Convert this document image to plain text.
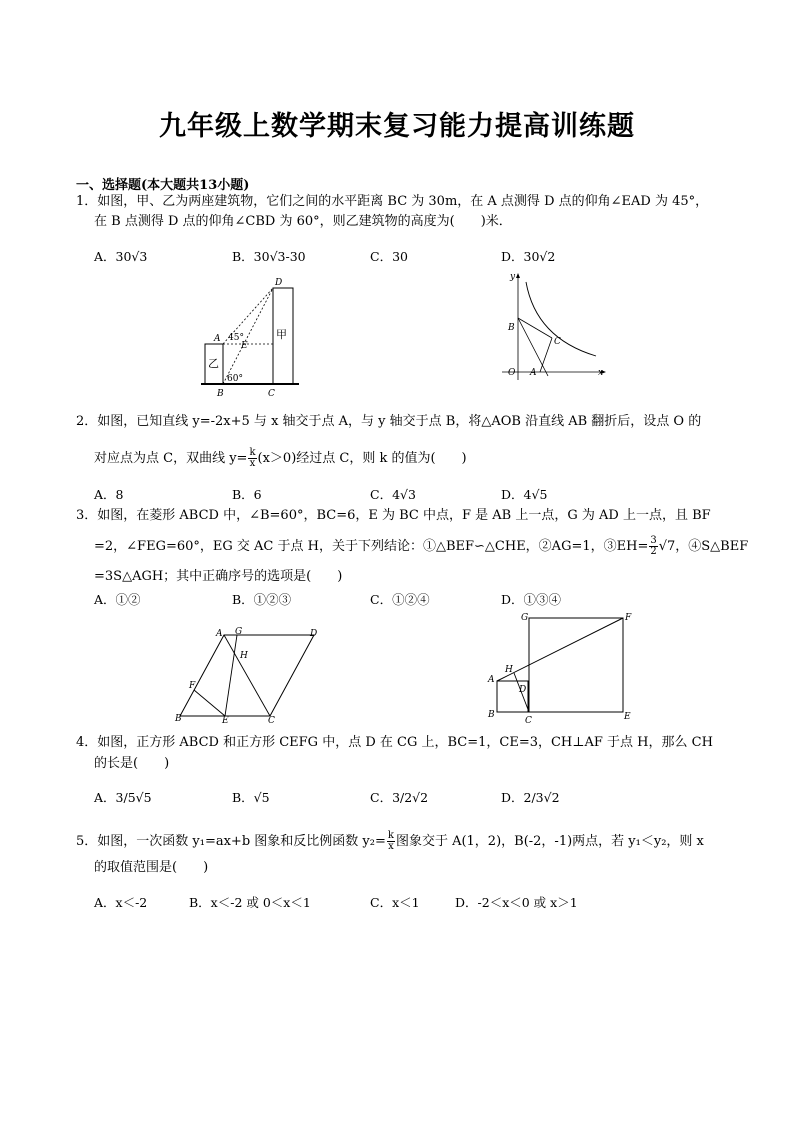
九年级上数学期末复习能力提高训练题
一、选择题(本大题共13小题)
1．如图，甲、乙为两座建筑物，它们之间的水平距离 BC 为 30m，在 A 点测得 D 点的仰角∠EAD 为 45°，
在 B 点测得 D 点的仰角∠CBD 为 60°，则乙建筑物的高度为(　　)米．
A．30√3	B．30√3-30	C．30	D．30√2
D
A 45°
E
乙
甲
60°
B	C
y
B
C
O A	x
2．如图，已知直线 y=-2x+5 与 x 轴交于点 A，与 y 轴交于点 B，将△AOB 沿直线 AB 翻折后，设点 O 的
对应点为点 C，双曲线 $y= \frac{k}{x} (x>0)$经过点 C，则 k 的值为(　　)
A．8	B．6	C．4√3	D．4√5
3．如图，在菱形 ABCD 中，∠B=60°，BC=6，E 为 BC 中点，F 是 AB 上一点，G 为 AD 上一点，且 BF
=2，∠FEG=60°，EG 交 AC 于点 H，关于下列结论：①△BEF∽△CHE，②AG=1，③EH= $\frac{3}{2} √7$，④S△BEF
=3S△AGH；其中正确序号的选项是(　　)
A．①②	B．①②③	C．①②④	D．①③④
A G	D
H
F
B	E	C
G	F
H
A
D
B
C	E
4．如图，正方形 ABCD 和正方形 CEFG 中，点 D 在 CG 上，BC=1，CE=3，CH⊥AF 于点 H，那么 CH
的长是(　　)
A．3/5√5	B．√5	C．3/2√2	D．2/3√2
5．如图，一次函数 y₁=ax+b 图象和反比例函数 $y_2= \frac{k}{x}$ 图象交于 A(1，2)，B(-2，-1)两点，若 y₁＜y₂，则 x
的取值范围是(　　)
A．x＜-2	B．x＜-2 或 0＜x＜1	C．x＜1	D．-2＜x＜0 或 x＞1
